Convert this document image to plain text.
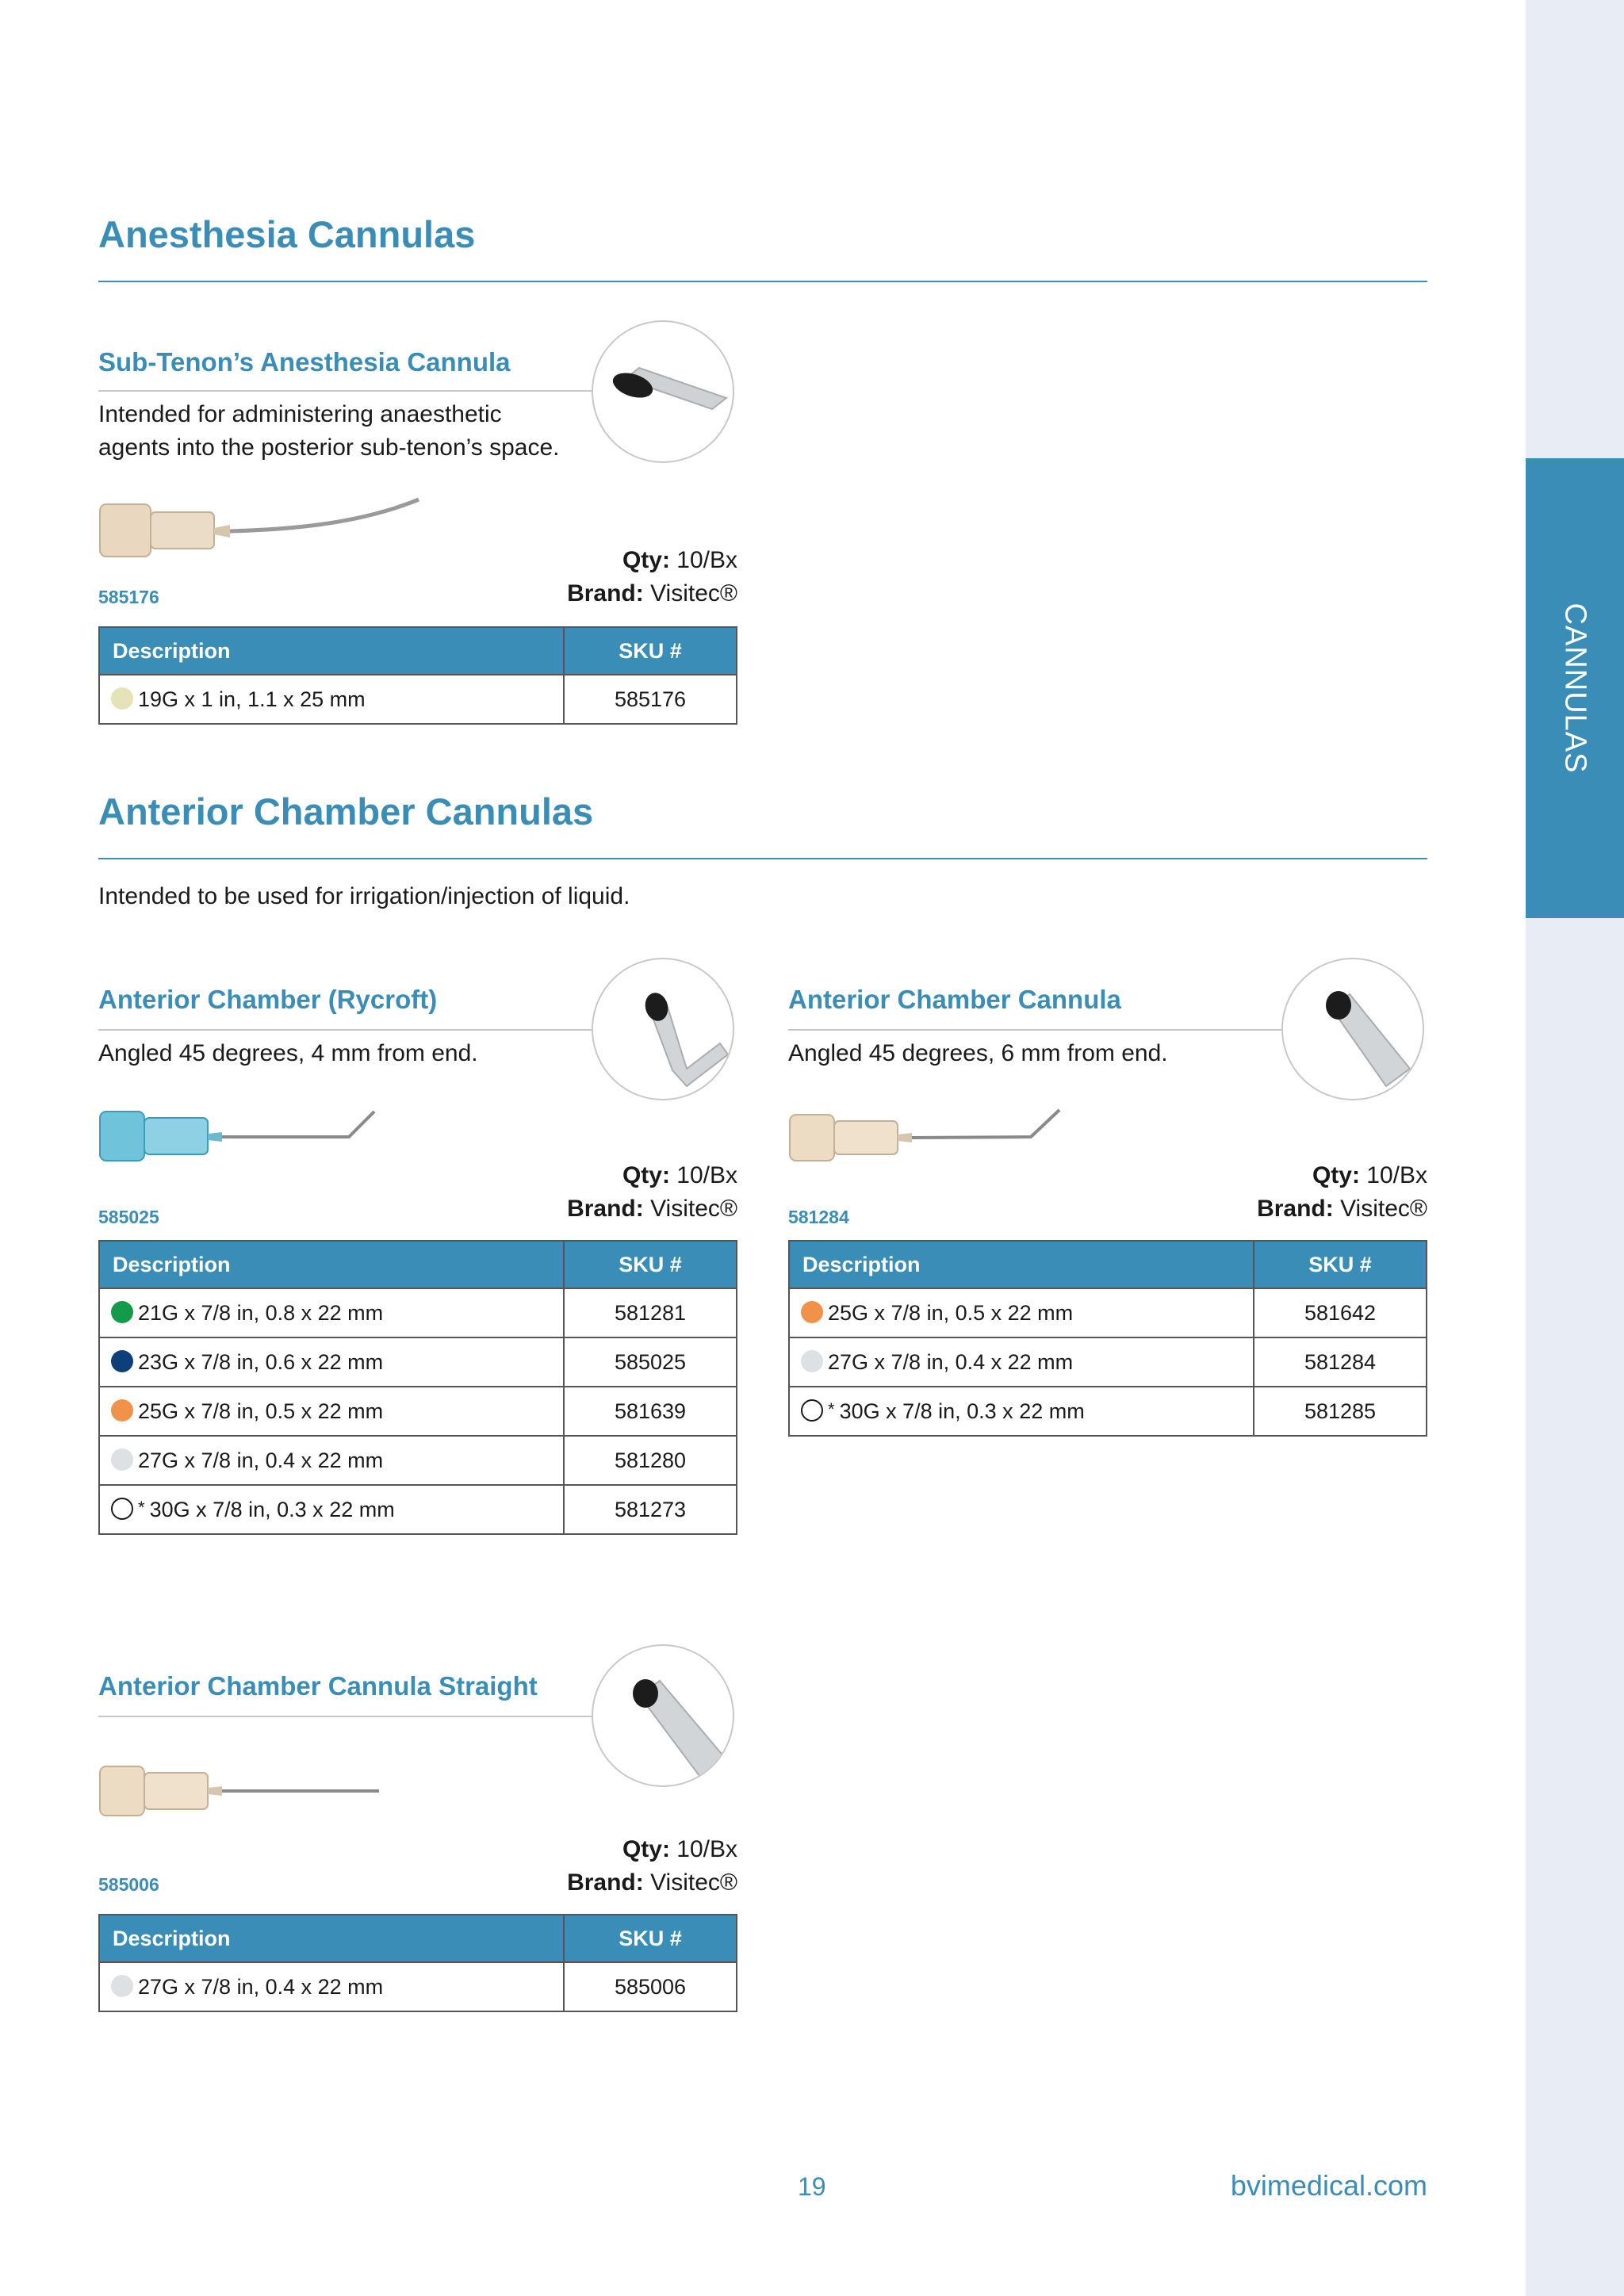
CANNULAS
Anesthesia Cannulas
Sub-Tenon’s Anesthesia Cannula
Intended for administering anaesthetic
agents into the posterior sub-tenon’s space.
Qty: 10/Bx
Brand: Visitec®
585176
Description	SKU #
19G x 1 in, 1.1 x 25 mm	585176
Anterior Chamber Cannulas
Intended to be used for irrigation/injection of liquid.
Anterior Chamber (Rycroft)
Angled 45 degrees, 4 mm from end.
Qty: 10/Bx
Brand: Visitec®
585025
Description	SKU #
21G x 7/8 in, 0.8 x 22 mm	581281
23G x 7/8 in, 0.6 x 22 mm	585025
25G x 7/8 in, 0.5 x 22 mm	581639
27G x 7/8 in, 0.4 x 22 mm	581280
* 30G x 7/8 in, 0.3 x 22 mm	581273
Anterior Chamber Cannula
Angled 45 degrees, 6 mm from end.
Qty: 10/Bx
Brand: Visitec®
581284
Description	SKU #
25G x 7/8 in, 0.5 x 22 mm	581642
27G x 7/8 in, 0.4 x 22 mm	581284
* 30G x 7/8 in, 0.3 x 22 mm	581285
Anterior Chamber Cannula Straight
Qty: 10/Bx
Brand: Visitec®
585006
Description	SKU #
27G x 7/8 in, 0.4 x 22 mm	585006
19	bvimedical.com
